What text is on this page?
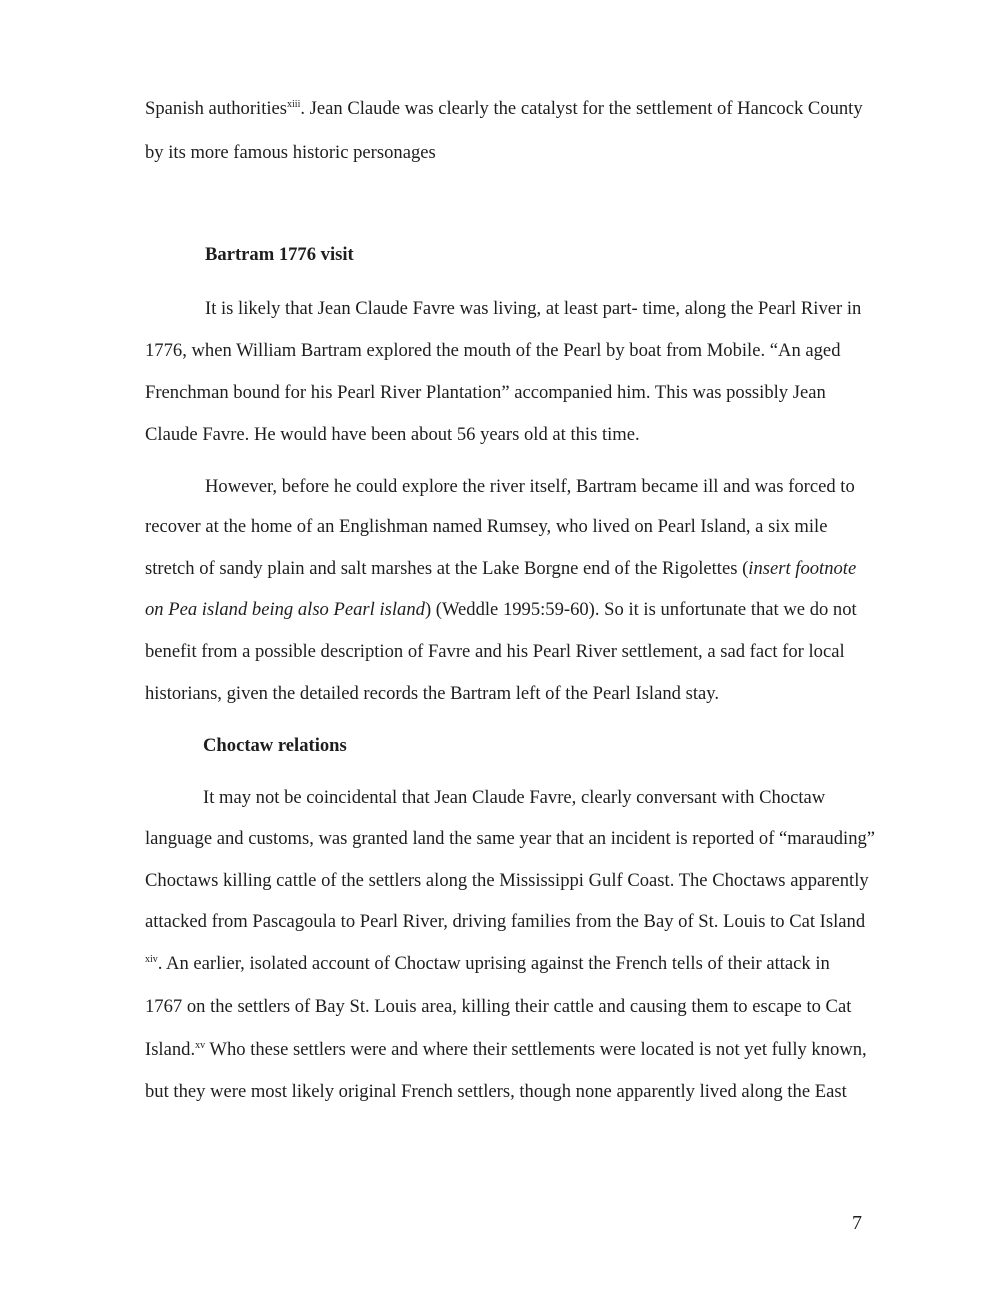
Spanish authorities$^{xiii}$. Jean Claude was clearly the catalyst for the settlement of Hancock County
by its more famous historic personages
Bartram 1776 visit
It is likely that Jean Claude Favre was living, at least part- time, along the Pearl River in
1776, when William Bartram explored the mouth of the Pearl by boat from Mobile. “An aged
Frenchman bound for his Pearl River Plantation” accompanied him. This was possibly Jean
Claude Favre. He would have been about 56 years old at this time.
However, before he could explore the river itself, Bartram became ill and was forced to
recover at the home of an Englishman named Rumsey, who lived on Pearl Island, a six mile
stretch of sandy plain and salt marshes at the Lake Borgne end of the Rigolettes (insert footnote
on Pea island being also Pearl island) (Weddle 1995:59-60). So it is unfortunate that we do not
benefit from a possible description of Favre and his Pearl River settlement, a sad fact for local
historians, given the detailed records the Bartram left of the Pearl Island stay.
Choctaw relations
It may not be coincidental that Jean Claude Favre, clearly conversant with Choctaw
language and customs, was granted land the same year that an incident is reported of “marauding”
Choctaws killing cattle of the settlers along the Mississippi Gulf Coast. The Choctaws apparently
attacked from Pascagoula to Pearl River, driving families from the Bay of St. Louis to Cat Island
$^{xiv}$. An earlier, isolated account of Choctaw uprising against the French tells of their attack in
1767 on the settlers of Bay St. Louis area, killing their cattle and causing them to escape to Cat
Island.$^{xv}$ Who these settlers were and where their settlements were located is not yet fully known,
but they were most likely original French settlers, though none apparently lived along the East
7
